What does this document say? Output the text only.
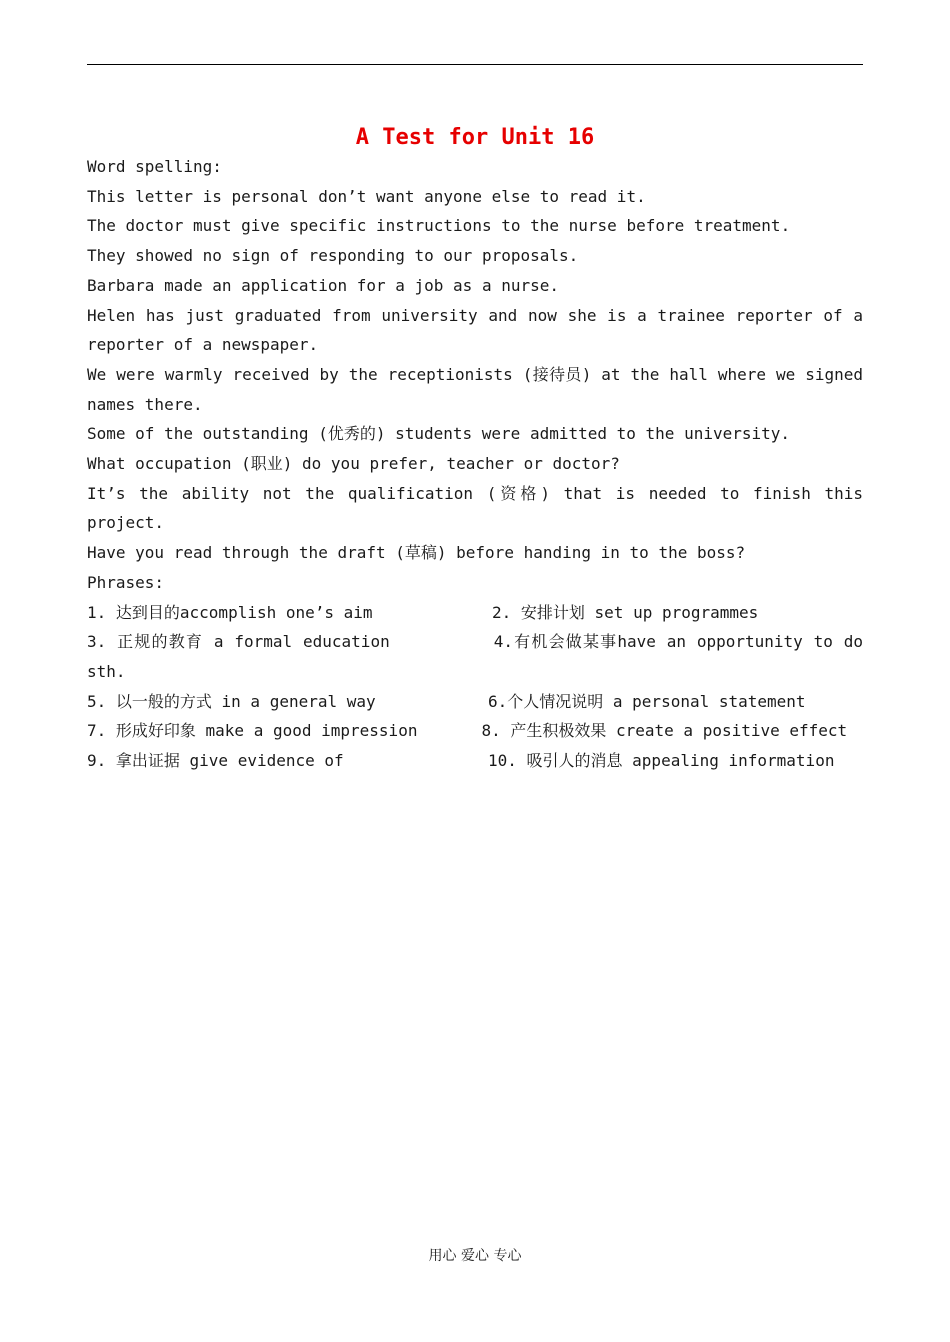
A Test for Unit 16

Word spelling:

This letter is personal don’t want anyone else to read it.

The doctor must give specific instructions to the nurse before treatment.

They showed no sign of responding to our proposals.

Barbara made an application for a job as a nurse.

Helen has just graduated from university and now she is a trainee reporter of a reporter of a newspaper.

We were warmly received by the receptionists (接待员) at the hall where we signed names there.

Some of the outstanding (优秀的) students were admitted to the university.

What occupation (职业) do you prefer, teacher or doctor?

It’s the ability not the qualification (资格) that is needed to finish this project.

Have you read through the draft (草稿) before handing in to the boss?

Phrases:

1. 达到目的accomplish one’s aim	2. 安排计划 set up programmes
3. 正规的教育 a formal education	4.有机会做某事have an opportunity to do sth.
5. 以一般的方式 in a general way	6.个人情况说明 a personal statement
7. 形成好印象 make a good impression	8. 产生积极效果 create a positive effect
9. 拿出证据 give evidence of	10. 吸引人的消息 appealing information
用心 爱心 专心
